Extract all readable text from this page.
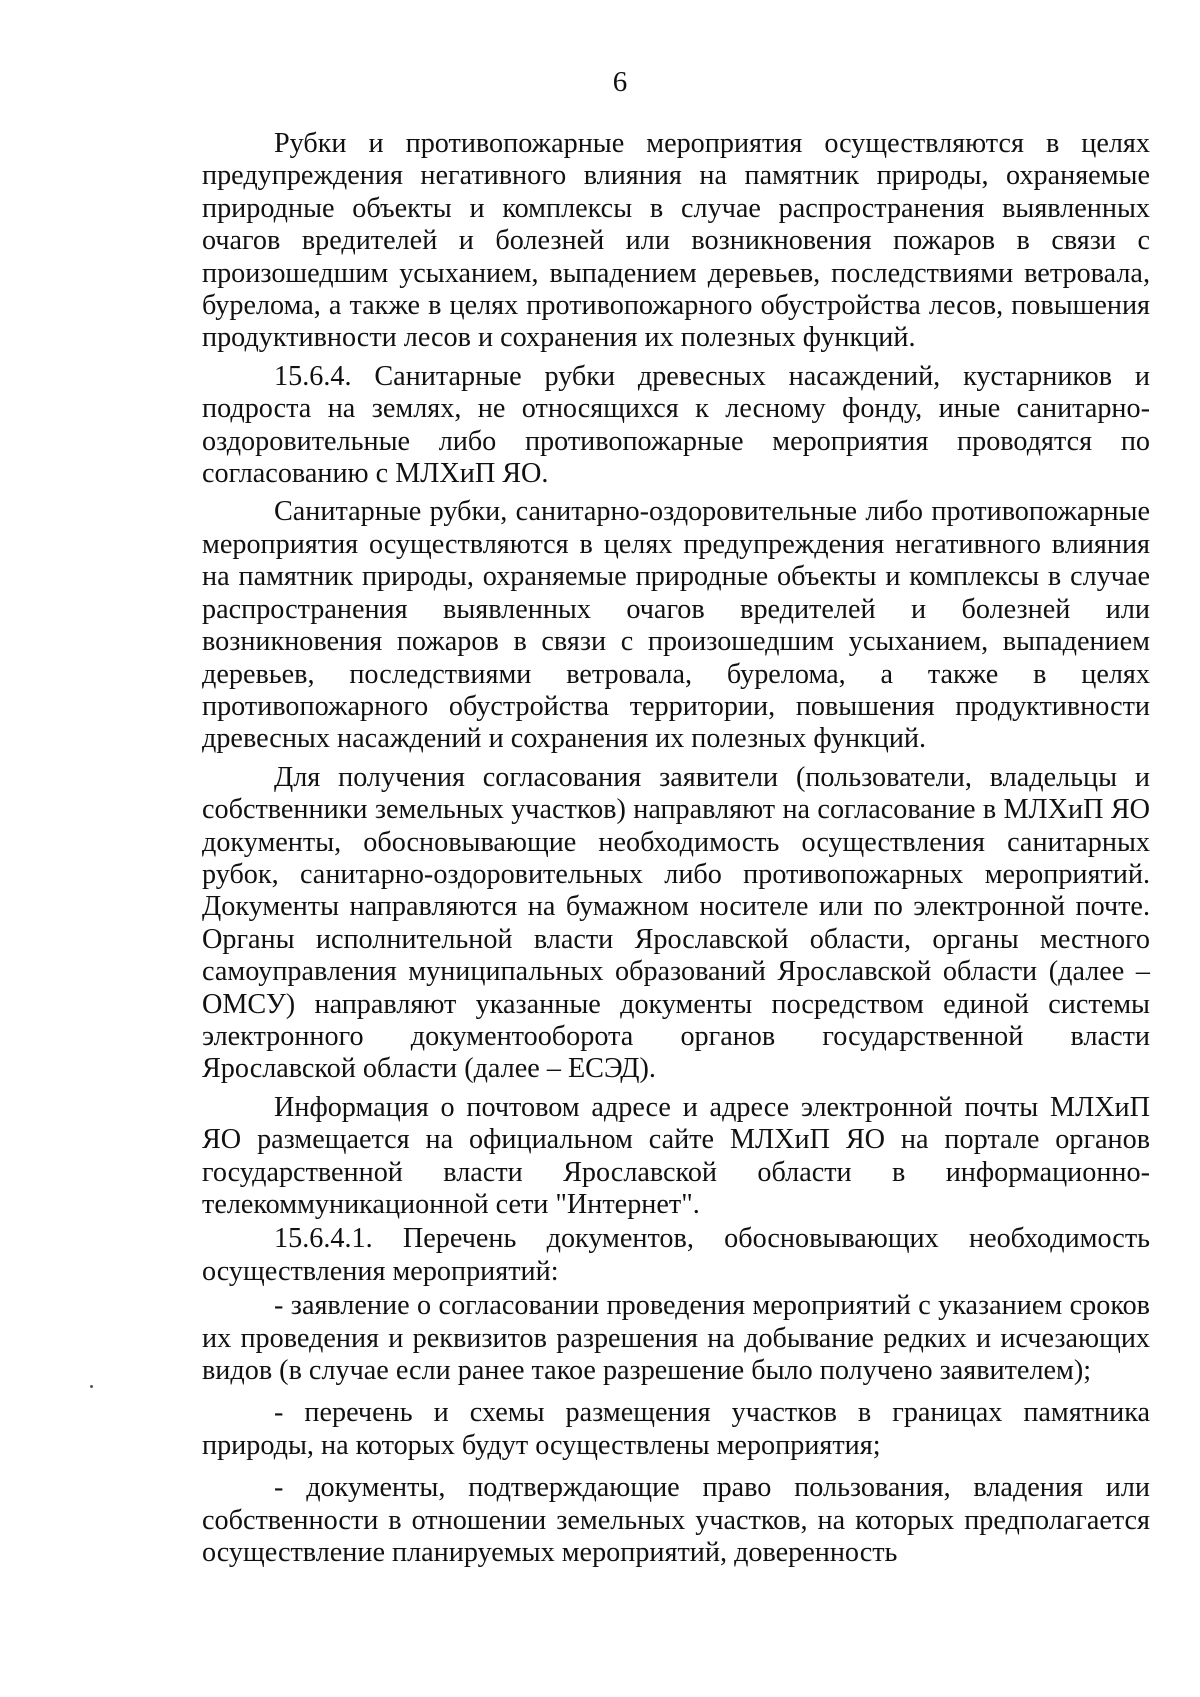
6

Рубки и противопожарные мероприятия осуществляются в целях предупреждения негативного влияния на памятник природы, охраняемые природные объекты и комплексы в случае распространения выявленных очагов вредителей и болезней или возникновения пожаров в связи с произошедшим усыханием, выпадением деревьев, последствиями ветровала, бурелома, а также в целях противопожарного обустройства лесов, повышения продуктивности лесов и сохранения их полезных функций.

15.6.4. Санитарные рубки древесных насаждений, кустарников и подроста на землях, не относящихся к лесному фонду, иные санитарно-оздоровительные либо противопожарные мероприятия проводятся по согласованию с МЛХиП ЯО.

Санитарные рубки, санитарно-оздоровительные либо противопожарные мероприятия осуществляются в целях предупреждения негативного влияния на памятник природы, охраняемые природные объекты и комплексы в случае распространения выявленных очагов вредителей и болезней или возникновения пожаров в связи с произошедшим усыханием, выпадением деревьев, последствиями ветровала, бурелома, а также в целях противопожарного обустройства территории, повышения продуктивности древесных насаждений и сохранения их полезных функций.

Для получения согласования заявители (пользователи, владельцы и собственники земельных участков) направляют на согласование в МЛХиП ЯО документы, обосновывающие необходимость осуществления санитарных рубок, санитарно-оздоровительных либо противопожарных мероприятий. Документы направляются на бумажном носителе или по электронной почте. Органы исполнительной власти Ярославской области, органы местного самоуправления муниципальных образований Ярославской области (далее – ОМСУ) направляют указанные документы посредством единой системы электронного документооборота органов государственной власти Ярославской области (далее – ЕСЭД).

Информация о почтовом адресе и адресе электронной почты МЛХиП ЯО размещается на официальном сайте МЛХиП ЯО на портале органов государственной власти Ярославской области в информационно-телекоммуникационной сети "Интернет".

15.6.4.1. Перечень документов, обосновывающих необходимость осуществления мероприятий:

- заявление о согласовании проведения мероприятий с указанием сроков их проведения и реквизитов разрешения на добывание редких и исчезающих видов (в случае если ранее такое разрешение было получено заявителем);

- перечень и схемы размещения участков в границах памятника природы, на которых будут осуществлены мероприятия;

- документы, подтверждающие право пользования, владения или собственности в отношении земельных участков, на которых предполагается осуществление планируемых мероприятий, доверенность
